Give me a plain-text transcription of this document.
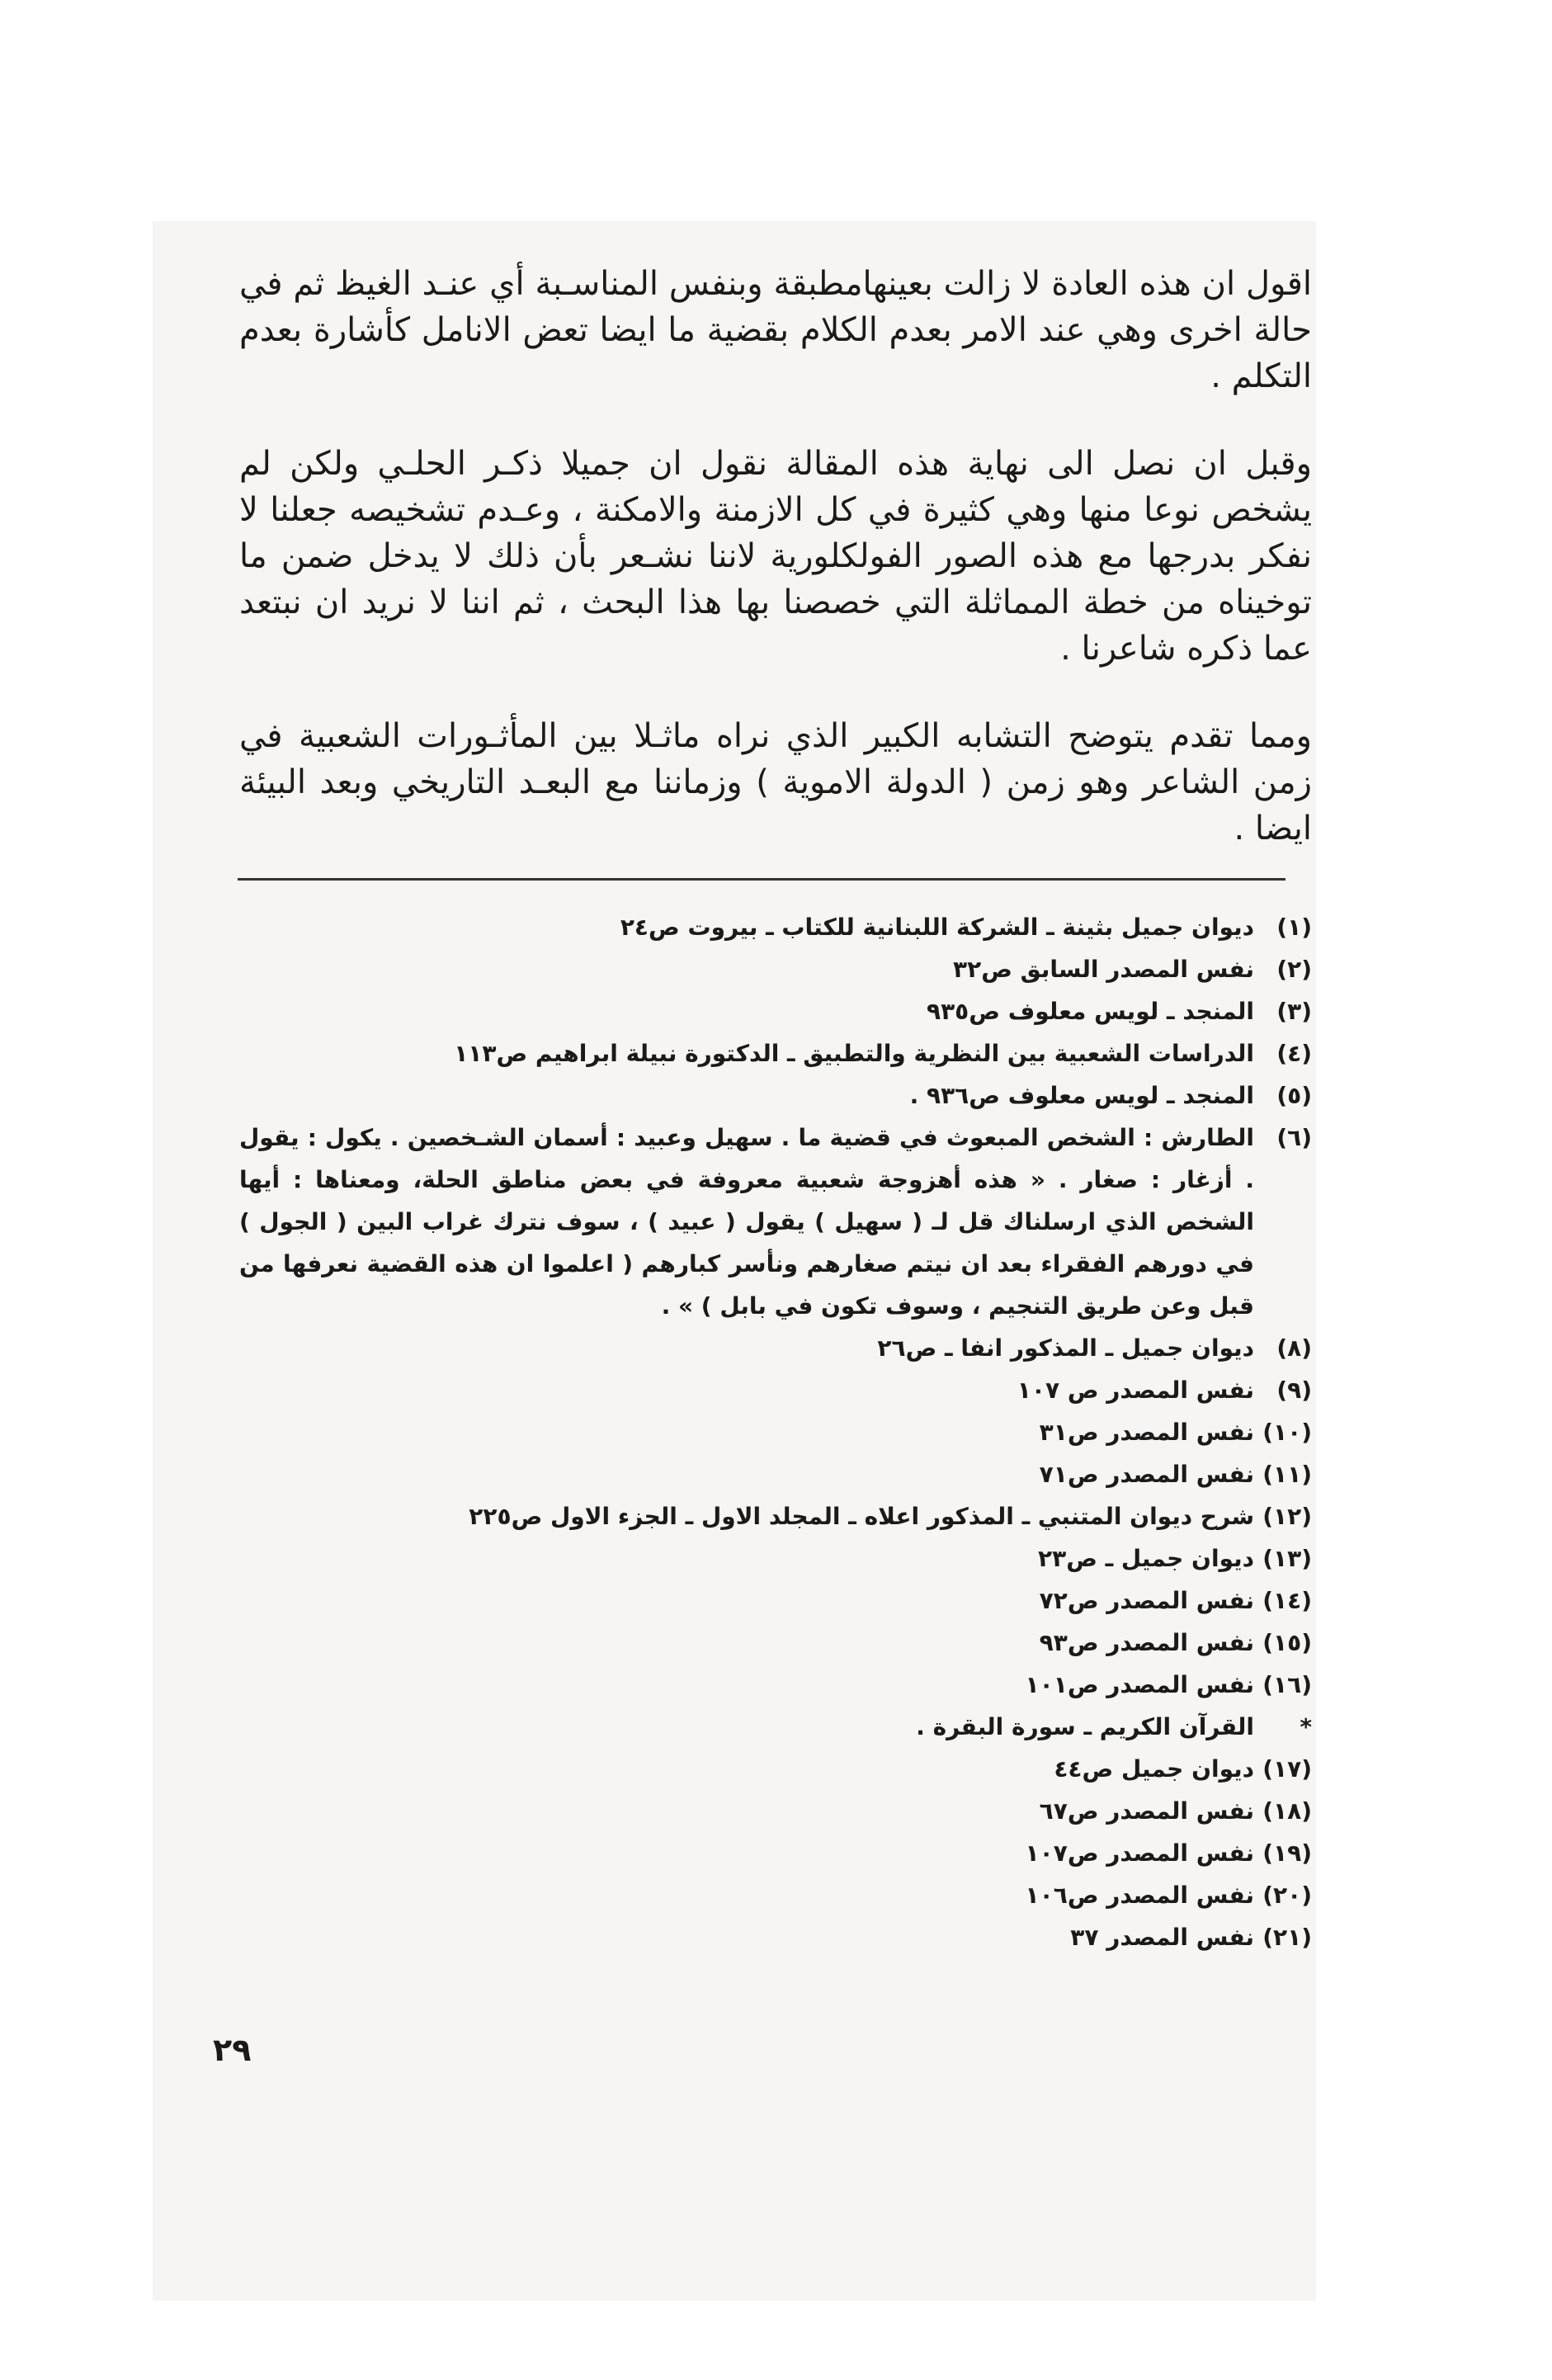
اقول ان هذه العادة لا زالت بعينهامطبقة وبنفس المناسـبة أي عنـد الغيظ ثم في حالة اخرى وهي عند الامر بعدم الكلام بقضية ما ايضا تعض الانامل كأشارة بعدم التكلم .

وقبل ان نصل الى نهاية هذه المقالة نقول ان جميلا ذكـر الحلـي ولكن لم يشخص نوعا منها وهي كثيرة في كل الازمنة والامكنة ، وعـدم تشخيصه جعلنا لا نفكر بدرجها مع هذه الصور الفولكلورية لاننا نشـعر بأن ذلك لا يدخل ضمن ما توخيناه من خطة المماثلة التي خصصنا بها هذا البحث ، ثم اننا لا نريد ان نبتعد عما ذكره شاعرنا .

ومما تقدم يتوضح التشابه الكبير الذي نراه ماثـلا بين المأثـورات الشعبية في زمن الشاعر وهو زمن ( الدولة الاموية ) وزماننا مع البعـد التاريخي وبعد البيئة ايضا .

(١)
ديوان جميل بثينة ـ الشركة اللبنانية للكتاب ـ بيروت ص٢٤
(٢)
نفس المصدر السابق ص٣٢
(٣)
المنجد ـ لويس معلوف ص٩٣٥
(٤)
الدراسات الشعبية بين النظرية والتطبيق ـ الدكتورة نبيلة ابراهيم ص١١٣
(٥)
المنجد ـ لويس معلوف ص٩٣٦ .
(٦)
الطارش : الشخص المبعوث في قضية ما . سهيل وعبيد : أسمان الشـخصين . يكول : يقول . أزغار : صغار . « هذه أهزوجة شعبية معروفة في بعض مناطق الحلة، ومعناها : أيها الشخص الذي ارسلناك قل لـ ( سهيل ) يقول ( عبيد ) ، سوف نترك غراب البين ( الجول ) في دورهم الفقراء بعد ان نيتم صغارهم ونأسر كبارهم ( اعلموا ان هذه القضية نعرفها من قبل وعن طريق التنجيم ، وسوف تكون في بابل ) » .
(٨)
ديوان جميل ـ المذكور انفا ـ ص٢٦
(٩)
نفس المصدر ص ١٠٧
(١٠)
نفس المصدر ص٣١
(١١)
نفس المصدر ص٧١
(١٢)
شرح ديوان المتنبي ـ المذكور اعلاه ـ المجلد الاول ـ الجزء الاول ص٢٢٥
(١٣)
ديوان جميل ـ ص٢٣
(١٤)
نفس المصدر ص٧٢
(١٥)
نفس المصدر ص٩٣
(١٦)
نفس المصدر ص١٠١
*
القرآن الكريم ـ سورة البقرة .
(١٧)
ديوان جميل ص٤٤
(١٨)
نفس المصدر ص٦٧
(١٩)
نفس المصدر ص١٠٧
(٢٠)
نفس المصدر ص١٠٦
(٢١)
نفس المصدر ٣٧
٢٩
